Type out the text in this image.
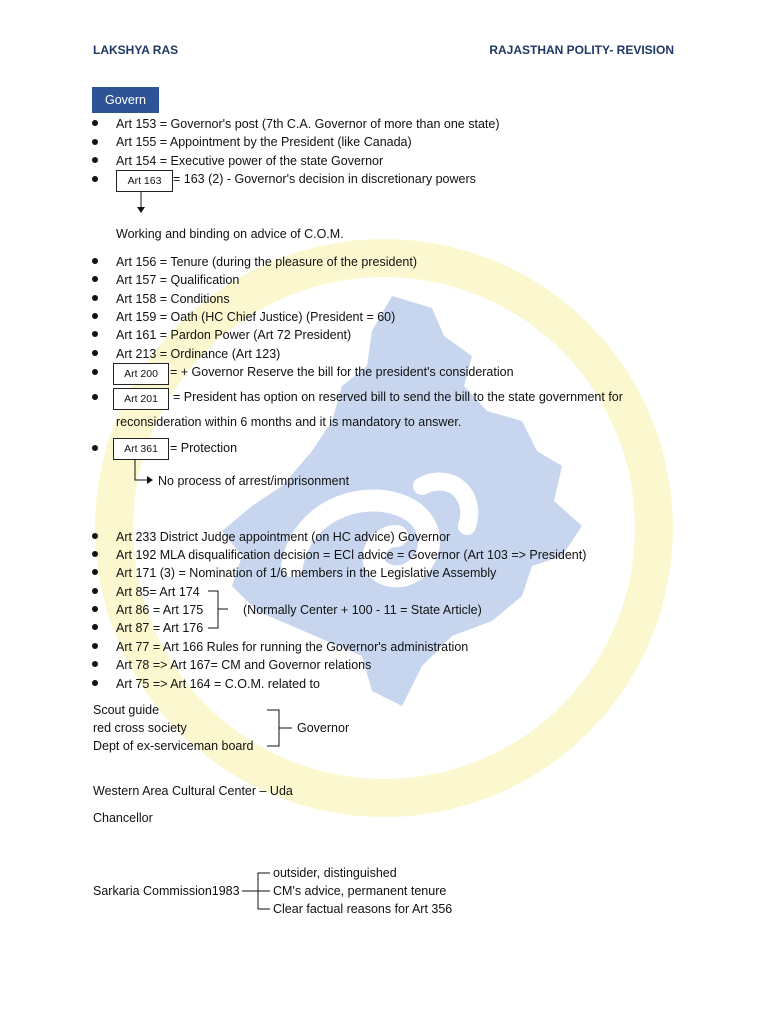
LAKSHYA RAS	RAJASTHAN POLITY- REVISION
Govern
Art 153 = Governor's post (7th C.A. Governor of more than one state)
Art 155 = Appointment by the President (like Canada)
Art 154 = Executive power of the state Governor
Art 163 = 163 (2) - Governor's decision in discretionary powers
Working and binding on advice of C.O.M.
Art 156 = Tenure (during the pleasure of the president)
Art 157 = Qualification
Art 158 = Conditions
Art 159 = Oath (HC Chief Justice) (President = 60)
Art 161 = Pardon Power (Art 72 President)
Art 213 = Ordinance (Art 123)
Art 200 = + Governor Reserve the bill for the president's consideration
Art 201	= President has option on reserved bill to send the bill to the state government for
reconsideration within 6 months and it is mandatory to answer.
Art 361 = Protection
No process of arrest/imprisonment
Art 233 District Judge appointment (on HC advice) Governor
Art 192 MLA disqualification decision = ECl advice = Governor (Art 103 => President)
Art 171 (3) = Nomination of 1/6 members in the Legislative Assembly
Art 85= Art 174
Art 86 = Art 175
Art 87 = Art 176
(Normally Center + 100 - 11 = State Article)
Art 77 = Art 166 Rules for running the Governor's administration
Art 78 => Art 167= CM and Governor relations
Art 75 => Art 164 = C.O.M. related to
Scout guide
red cross society
Dept of ex-serviceman board
Governor
Western Area Cultural Center – Uda
Chancellor
Sarkaria Commission1983
outsider, distinguished
CM's advice, permanent tenure
Clear factual reasons for Art 356
